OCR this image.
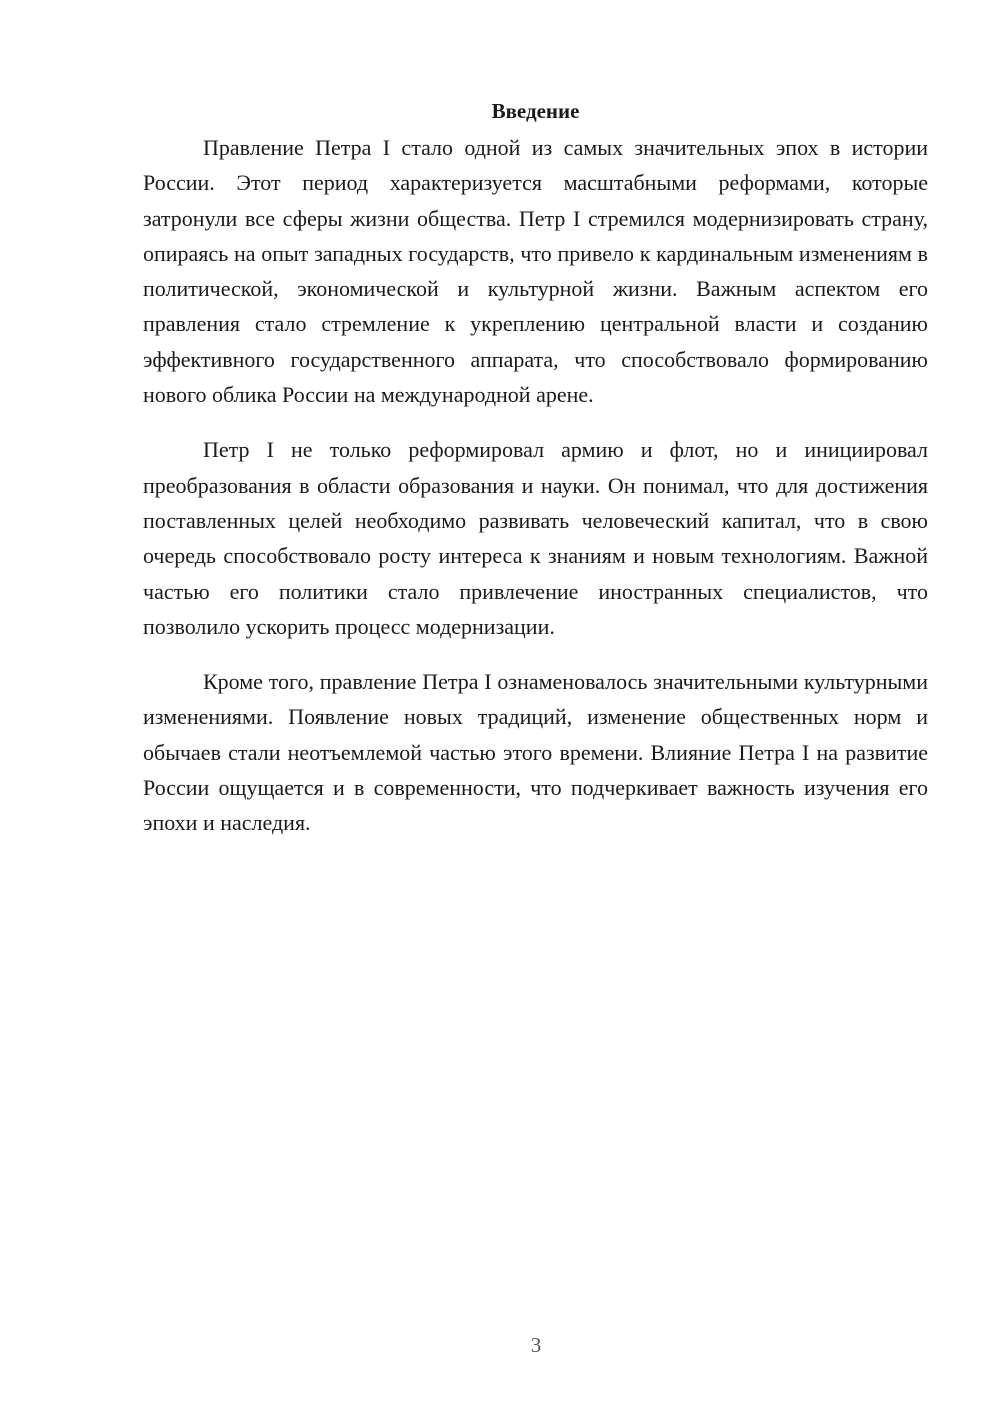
Введение

Правление Петра I стало одной из самых значительных эпох в истории России. Этот период характеризуется масштабными реформами, которые затронули все сферы жизни общества. Петр I стремился модернизировать страну, опираясь на опыт западных государств, что привело к кардинальным изменениям в политической, экономической и культурной жизни. Важным аспектом его правления стало стремление к укреплению центральной власти и созданию эффективного государственного аппарата, что способствовало формированию нового облика России на международной арене.

Петр I не только реформировал армию и флот, но и инициировал преобразования в области образования и науки. Он понимал, что для достижения поставленных целей необходимо развивать человеческий капитал, что в свою очередь способствовало росту интереса к знаниям и новым технологиям. Важной частью его политики стало привлечение иностранных специалистов, что позволило ускорить процесс модернизации.

Кроме того, правление Петра I ознаменовалось значительными культурными изменениями. Появление новых традиций, изменение общественных норм и обычаев стали неотъемлемой частью этого времени. Влияние Петра I на развитие России ощущается и в современности, что подчеркивает важность изучения его эпохи и наследия.

3
